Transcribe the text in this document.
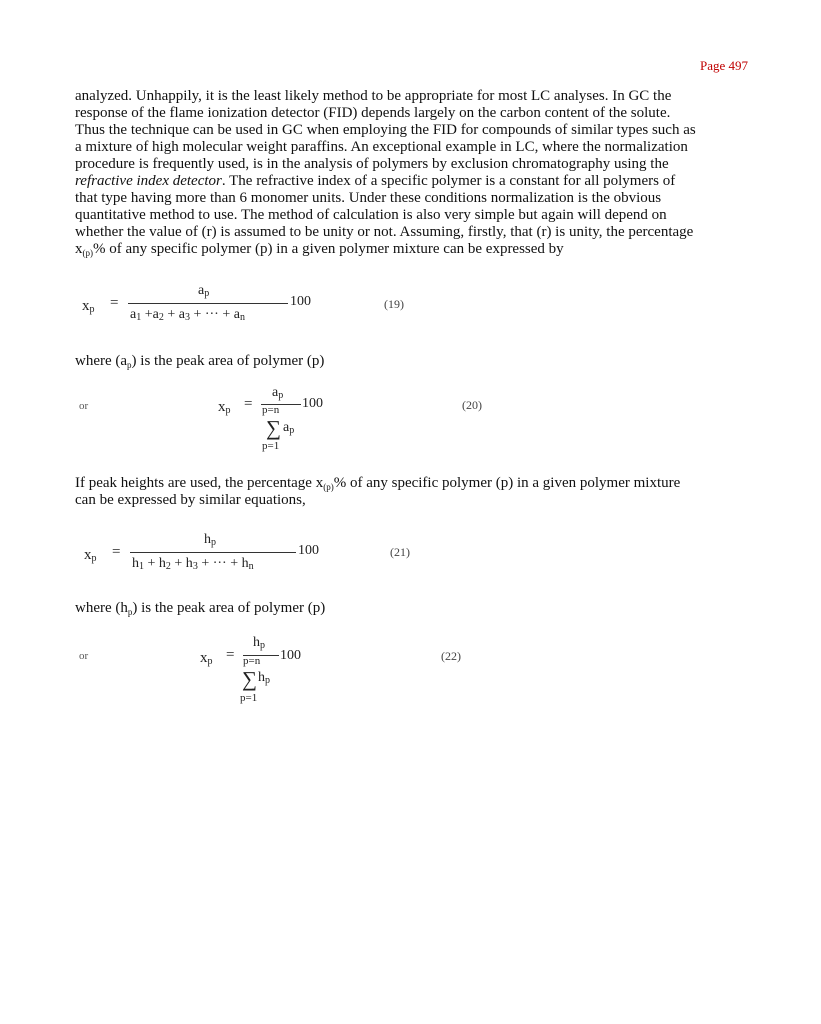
Page 497
analyzed. Unhappily, it is the least likely method to be appropriate for most LC analyses. In GC the
response of the flame ionization detector (FID) depends largely on the carbon content of the solute.
Thus the technique can be used in GC when employing the FID for compounds of similar types such as
a mixture of high molecular weight paraffins. An exceptional example in LC, where the normalization
procedure is frequently used, is in the analysis of polymers by exclusion chromatography using the
refractive index detector. The refractive index of a specific polymer is a constant for all polymers of
that type having more than 6 monomer units. Under these conditions normalization is the obvious
quantitative method to use. The method of calculation is also very simple but again will depend on
whether the value of (r) is assumed to be unity or not. Assuming, firstly, that (r) is unity, the percentage
$x_{(p)}\%$ of any specific polymer (p) in a given polymer mixture can be expressed by
xp =
ap
a1 +a2 + a3 + ··· + an
100	(19)
where $(a_p)$ is the peak area of polymer (p)
or	xp =
ap
p=n
∑ ap
p=1
100	(20)
If peak heights are used, the percentage $x_{(p)}\%$ of any specific polymer (p) in a given polymer mixture
can be expressed by similar equations,
xp =
hp
h1 + h2 + h3 + ··· + hn
100	(21)
where $(h_p)$ is the peak area of polymer (p)
or	xp =
hp
p=n
∑ hp
p=1
100	(22)
